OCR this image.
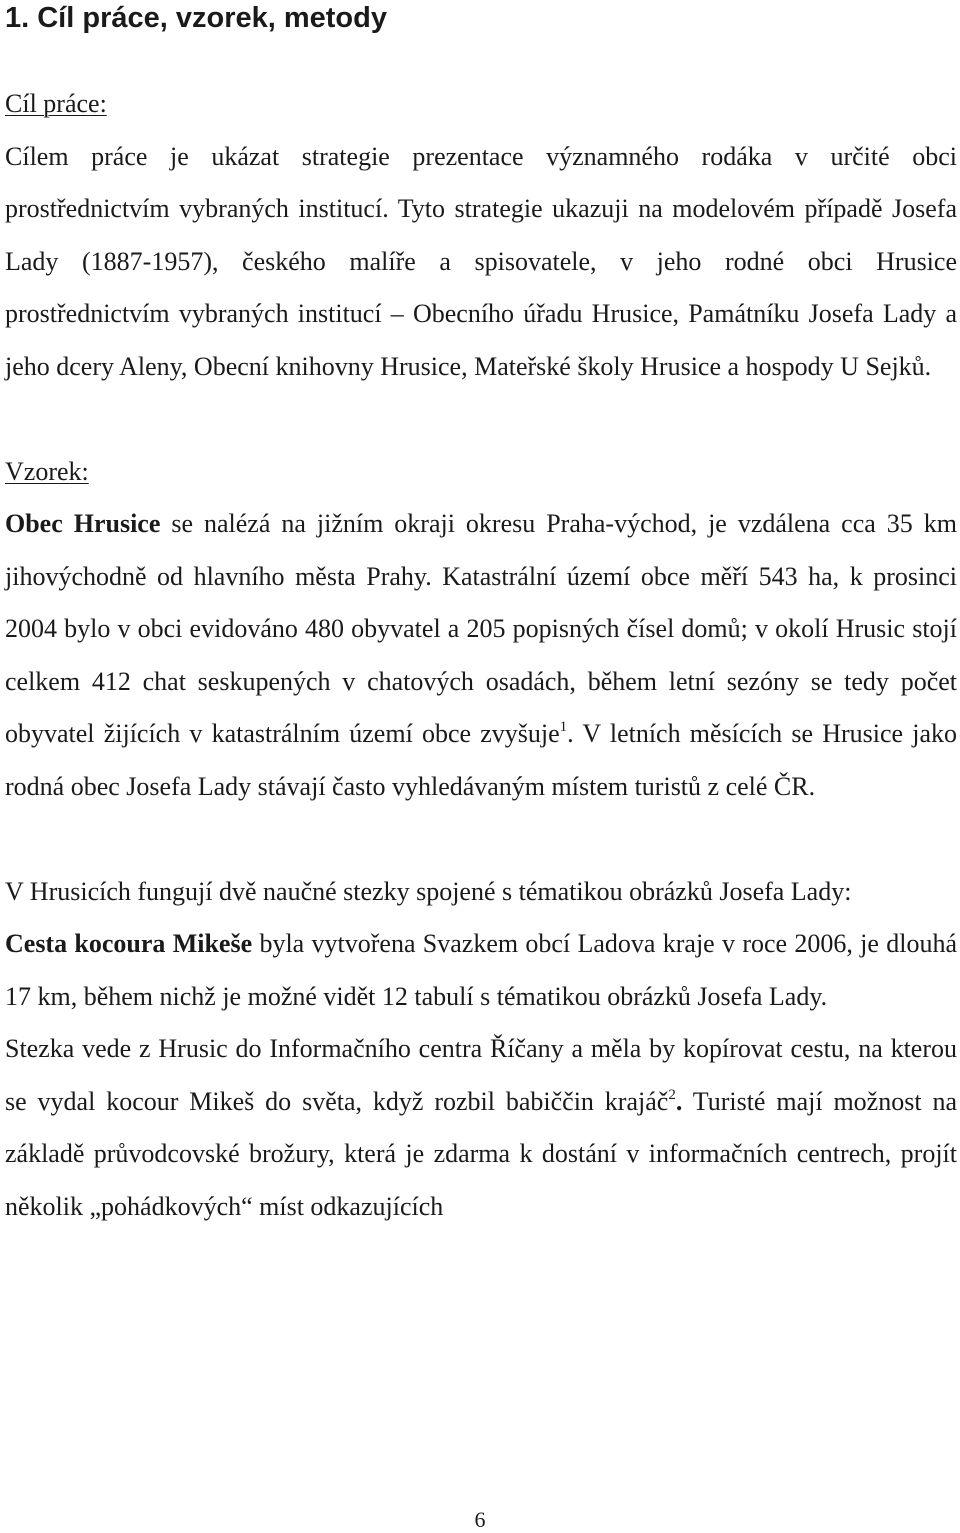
1. Cíl práce, vzorek, metody

Cíl práce:

Cílem práce je ukázat strategie prezentace významného rodáka v určité obci prostřednictvím vybraných institucí. Tyto strategie ukazuji na modelovém případě Josefa Lady (1887-1957), českého malíře a spisovatele, v jeho rodné obci Hrusice prostřednictvím vybraných institucí – Obecního úřadu Hrusice, Památníku Josefa Lady a jeho dcery Aleny, Obecní knihovny Hrusice, Mateřské školy Hrusice a hospody U Sejků.

Vzorek:

Obec Hrusice se nalézá na jižním okraji okresu Praha-východ, je vzdálena cca 35 km jihovýchodně od hlavního města Prahy. Katastrální území obce měří 543 ha, k prosinci 2004 bylo v obci evidováno 480 obyvatel a 205 popisných čísel domů; v okolí Hrusic stojí celkem 412 chat seskupených v chatových osadách, během letní sezóny se tedy počet obyvatel žijících v katastrálním území obce zvyšuje$^1$. V letních měsících se Hrusice jako rodná obec Josefa Lady stávají často vyhledávaným místem turistů z celé ČR.

V Hrusicích fungují dvě naučné stezky spojené s tématikou obrázků Josefa Lady:

Cesta kocoura Mikeše byla vytvořena Svazkem obcí Ladova kraje v roce 2006, je dlouhá 17 km, během nichž je možné vidět 12 tabulí s tématikou obrázků Josefa Lady.

Stezka vede z Hrusic do Informačního centra Říčany a měla by kopírovat cestu, na kterou se vydal kocour Mikeš do světa, když rozbil babiččin krajáč$^2$. Turisté mají možnost na základě průvodcovské brožury, která je zdarma k dostání v informačních centrech, projít několik „pohádkových“ míst odkazujících

6
